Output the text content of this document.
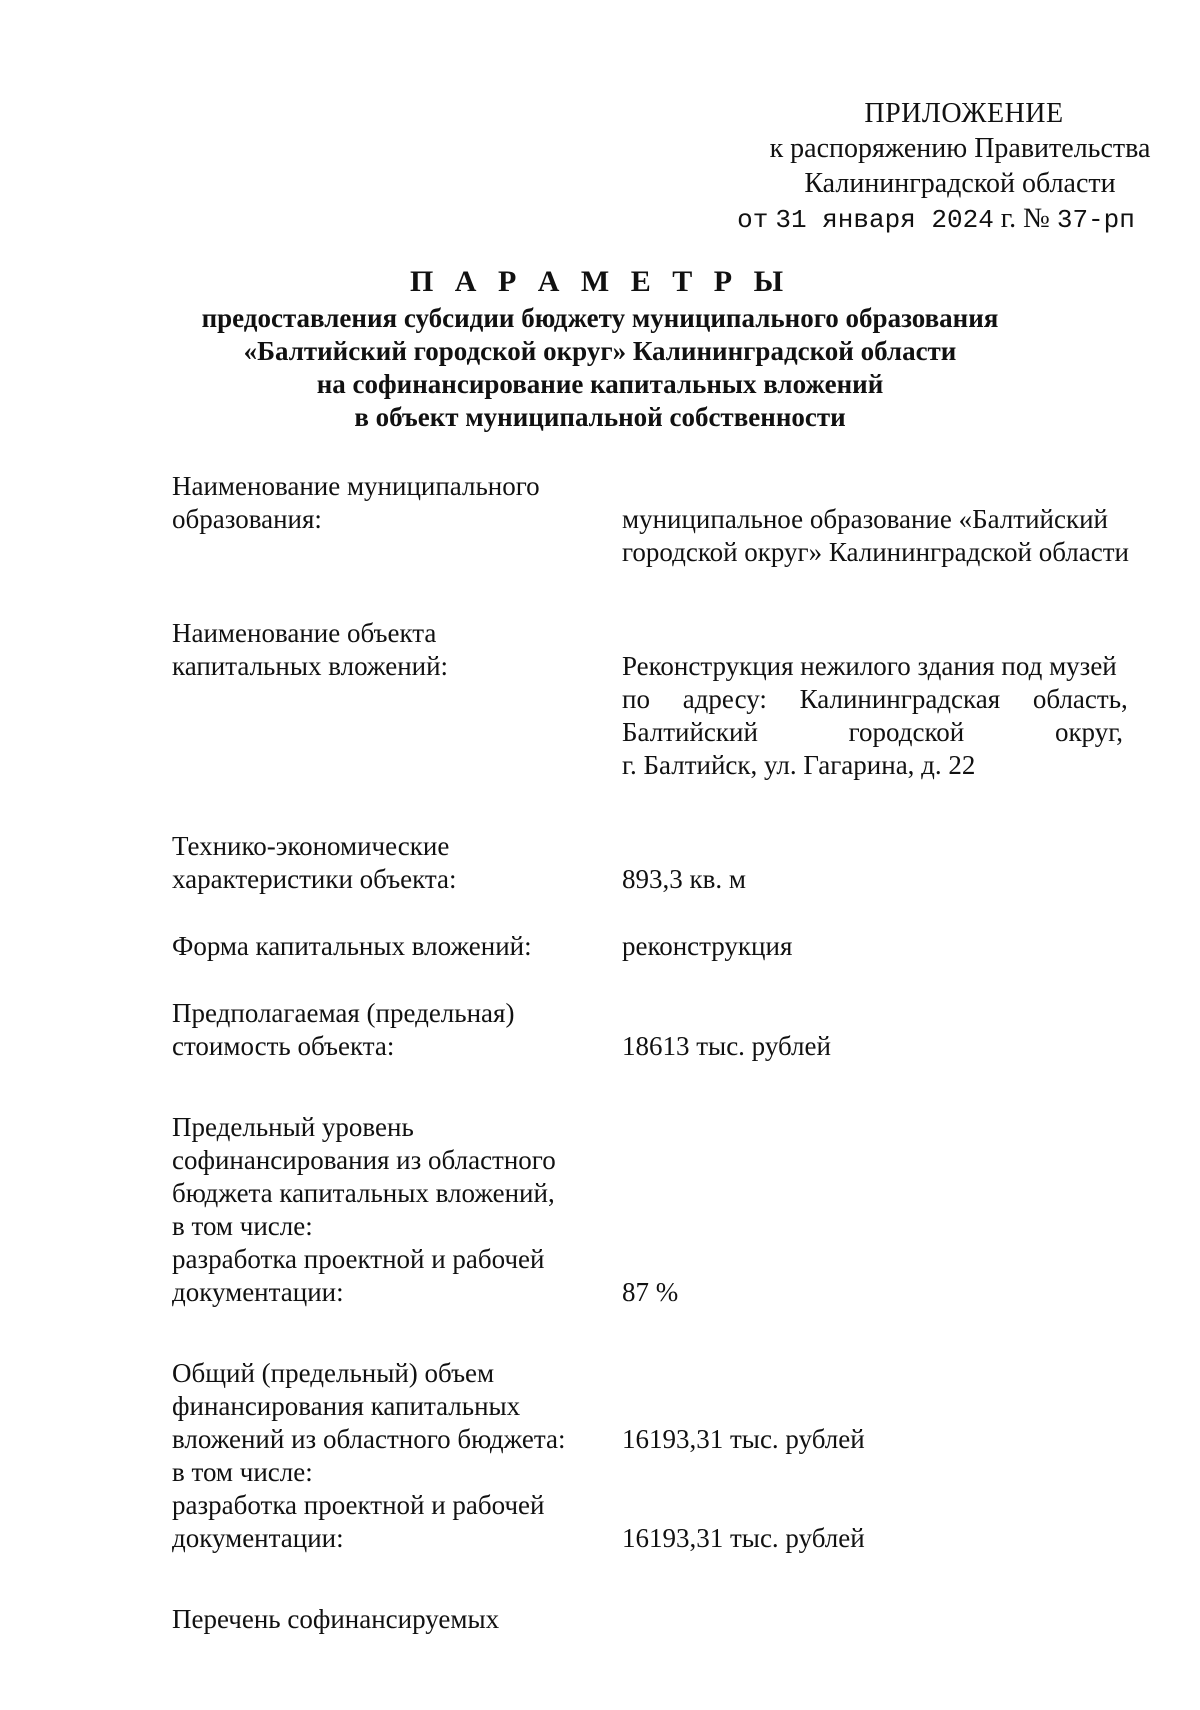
ПРИЛОЖЕНИЕ
к распоряжению Правительства
Калининградской области
от 31 января 2024 г. № 37-рп
П А Р А М Е Т Р Ы
предоставления субсидии бюджету муниципального образования
«Балтийский городской округ» Калининградской области
на софинансирование капитальных вложений
в объект муниципальной собственности
Наименование муниципального
образования:	муниципальное образование «Балтийский
городской округ» Калининградской области
Наименование объекта
капитальных вложений:	Реконструкция нежилого здания под музей
по адресу: Калининградская область,
Балтийский городской округ,
г. Балтийск, ул. Гагарина, д. 22
Технико-экономические
характеристики объекта:	893,3 кв. м
Форма капитальных вложений:	реконструкция
Предполагаемая (предельная)
стоимость объекта:	18613 тыс. рублей
Предельный уровень
софинансирования из областного
бюджета капитальных вложений,
в том числе:
разработка проектной и рабочей
документации:	87 %
Общий (предельный) объем
финансирования капитальных
вложений из областного бюджета:	16193,31 тыс. рублей
в том числе:
разработка проектной и рабочей
документации:	16193,31 тыс. рублей
Перечень софинансируемых
